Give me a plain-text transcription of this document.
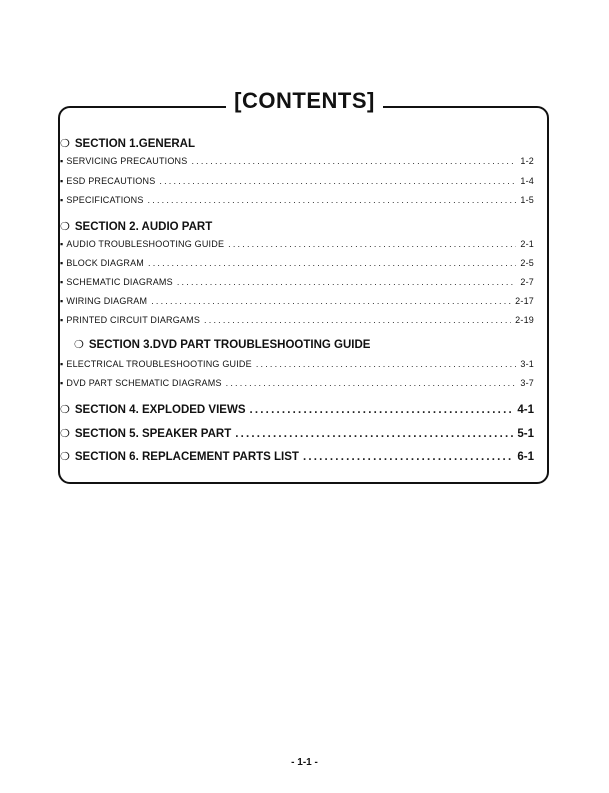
[CONTENTS]
❍ SECTION 1.GENERAL
▪ SERVICING PRECAUTIONS .....	1-2
▪ ESD PRECAUTIONS .....	1-4
▪ SPECIFICATIONS .....	1-5
❍ SECTION 2. AUDIO PART
▪ AUDIO TROUBLESHOOTING GUIDE .....	2-1
▪ BLOCK DIAGRAM .....	2-5
▪ SCHEMATIC DIAGRAMS .....	2-7
▪ WIRING DIAGRAM .....	2-17
▪ PRINTED CIRCUIT DIARGAMS .....	2-19
❍ SECTION 3.DVD PART TROUBLESHOOTING GUIDE
▪ ELECTRICAL TROUBLESHOOTING GUIDE .....	3-1
▪ DVD PART SCHEMATIC DIAGRAMS .....	3-7
❍ SECTION 4. EXPLODED VIEWS .....	4-1
❍ SECTION 5. SPEAKER PART .....	5-1
❍ SECTION 6. REPLACEMENT PARTS LIST .....	6-1
- 1-1 -
